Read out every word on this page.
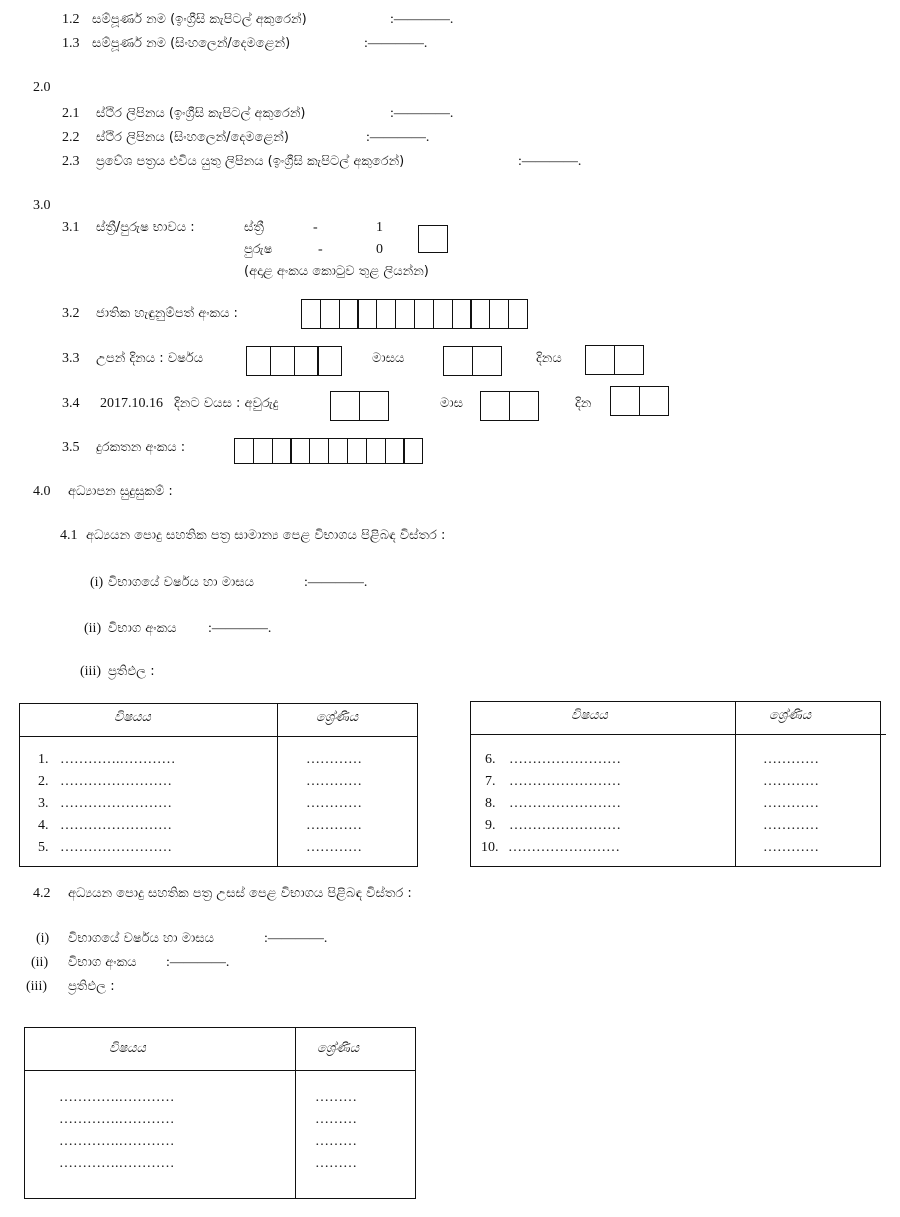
1.2 සම්පූර්ණ නම (ඉංග්‍රීසි කැපිටල් අකුරෙන්)	:————.
1.3 සම්පූර්ණ නම (සිංහලෙන්/දෙමළෙන්)	:————.
2.0
2.1 ස්ථිර ලිපිනය (ඉංග්‍රීසි කැපිටල් අකුරෙන්)	:————.
2.2 ස්ථිර ලිපිනය (සිංහලෙන්/දෙමළෙන්)	:————.
2.3 ප්‍රවේශ පත්‍රය එවිය යුතු ලිපිනය (ඉංග්‍රීසි කැපිටල් අකුරෙන්)	:————.
3.0
3.1 ස්ත්‍රී/පුරුෂ භාවය :	ස්ත්‍රී	-	1
පුරුෂ	-	0
(අදාළ අංකය කොටුව තුළ ලියන්න)
3.2 ජාතික හැඳුනුම්පත් අංකය :
3.3 උපන් දිනය : වර්ෂය	මාසය	දිනය
3.4 2017.10.16 දිනට වයස : අවුරුදු	මාස	දින
3.5 දුරකතන අංකය :
4.0 අධ්‍යාපන සුදුසුකම් :
4.1 අධ්‍යයන පොදු සහතික පත්‍ර සාමාන්‍ය පෙළ විභාගය පිළිබඳ විස්තර :
(i) විභාගයේ වර්ෂය හා මාසය	:————.
(ii) විභාග අංකය :————.
(iii) ප්‍රතිඵල :
විෂයය	ශ්‍රේණිය
1. ………….…………	…………
2. ……………………	…………
3. ……………………	…………
4. ……………………	…………
5. ……………………	…………
විෂයය	ශ්‍රේණිය
6. ……………………	…………
7. ……………………	…………
8. ……………………	…………
9. ……………………	…………
10. ……………………	…………
4.2 අධ්‍යයන පොදු සහතික පත්‍ර උසස් පෙළ විභාගය පිළිබඳ විස්තර :
(i) විභාගයේ වර්ෂය හා මාසය	:————.
(ii) විභාග අංකය :————.
(iii) ප්‍රතිඵල :
විෂයය	ශ්‍රේණිය
………….…………	………
………….…………	………
………….…………	………
………….…………	………
